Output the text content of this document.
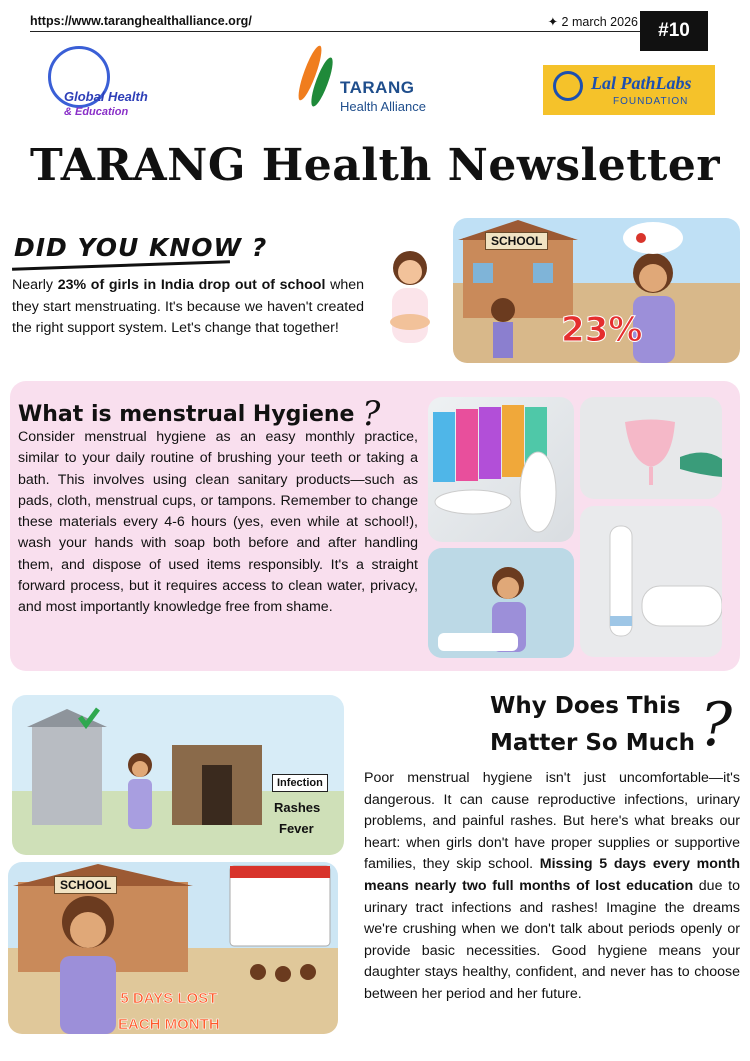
https://www.taranghealthalliance.org/	✦ 2 march 2026	#10
Global Health
& Education
TARANG
Health Alliance
Lal PathLabs
FOUNDATION
TARANG Health Newsletter
DID YOU KNOW ?
Nearly 23% of girls in India drop out of school when they start menstruating. It's because we haven't created the right support system. Let's change that together!
SCHOOL
23%
What is menstrual Hygiene ?
Consider menstrual hygiene as an easy monthly practice, similar to your daily routine of brushing your teeth or taking a bath. This involves using clean sanitary products—such as pads, cloth, menstrual cups, or tampons. Remember to change these materials every 4-6 hours (yes, even while at school!), wash your hands with soap both before and after handling them, and dispose of used items responsibly. It's a straight forward process, but it requires access to clean water, privacy, and most importantly knowledge free from shame.
Infection
Rashes
Fever
SCHOOL
5 DAYS LOST
EACH MONTH
Why Does This
Matter So Much ?
Poor menstrual hygiene isn't just uncomfortable—it's dangerous. It can cause reproductive infections, urinary problems, and painful rashes. But here's what breaks our heart: when girls don't have proper supplies or supportive families, they skip school. Missing 5 days every month means nearly two full months of lost education due to urinary tract infections and rashes! Imagine the dreams we're crushing when we don't talk about periods openly or provide basic necessities. Good hygiene means your daughter stays healthy, confident, and never has to choose between her period and her future.
